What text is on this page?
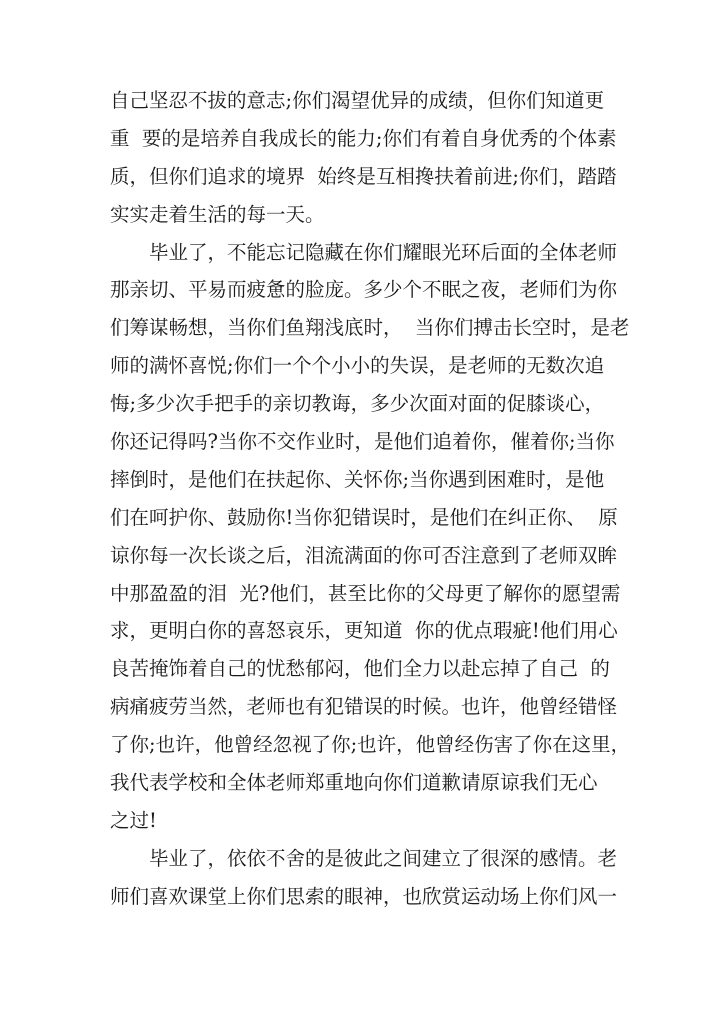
自己坚忍不拔的意志;你们渴望优异的成绩，但你们知道更
重  要的是培养自我成长的能力;你们有着自身优秀的个体素
质，但你们追求的境界  始终是互相搀扶着前进;你们，踏踏
实实走着生活的每一天。
毕业了，不能忘记隐藏在你们耀眼光环后面的全体老师
那亲切、平易而疲惫的脸庞。多少个不眠之夜，老师们为你
们筹谋畅想，当你们鱼翔浅底时，  当你们搏击长空时，是老
师的满怀喜悦;你们一个个小小的失误，是老师的无数次追
悔;多少次手把手的亲切教诲，多少次面对面的促膝谈心，
你还记得吗?当你不交作业时，是他们追着你，催着你;当你
摔倒时，是他们在扶起你、关怀你;当你遇到困难时，是他
们在呵护你、鼓励你!当你犯错误时，是他们在纠正你、  原
谅你每一次长谈之后，泪流满面的你可否注意到了老师双眸
中那盈盈的泪  光?他们，甚至比你的父母更了解你的愿望需
求，更明白你的喜怒哀乐，更知道  你的优点瑕疵!他们用心
良苦掩饰着自己的忧愁郁闷，他们全力以赴忘掉了自己  的
病痛疲劳当然，老师也有犯错误的时候。也许，他曾经错怪
了你;也许，他曾经忽视了你;也许，他曾经伤害了你在这里，
我代表学校和全体老师郑重地向你们道歉请原谅我们无心
之过!
毕业了，依依不舍的是彼此之间建立了很深的感情。老
师们喜欢课堂上你们思索的眼神，也欣赏运动场上你们风一
